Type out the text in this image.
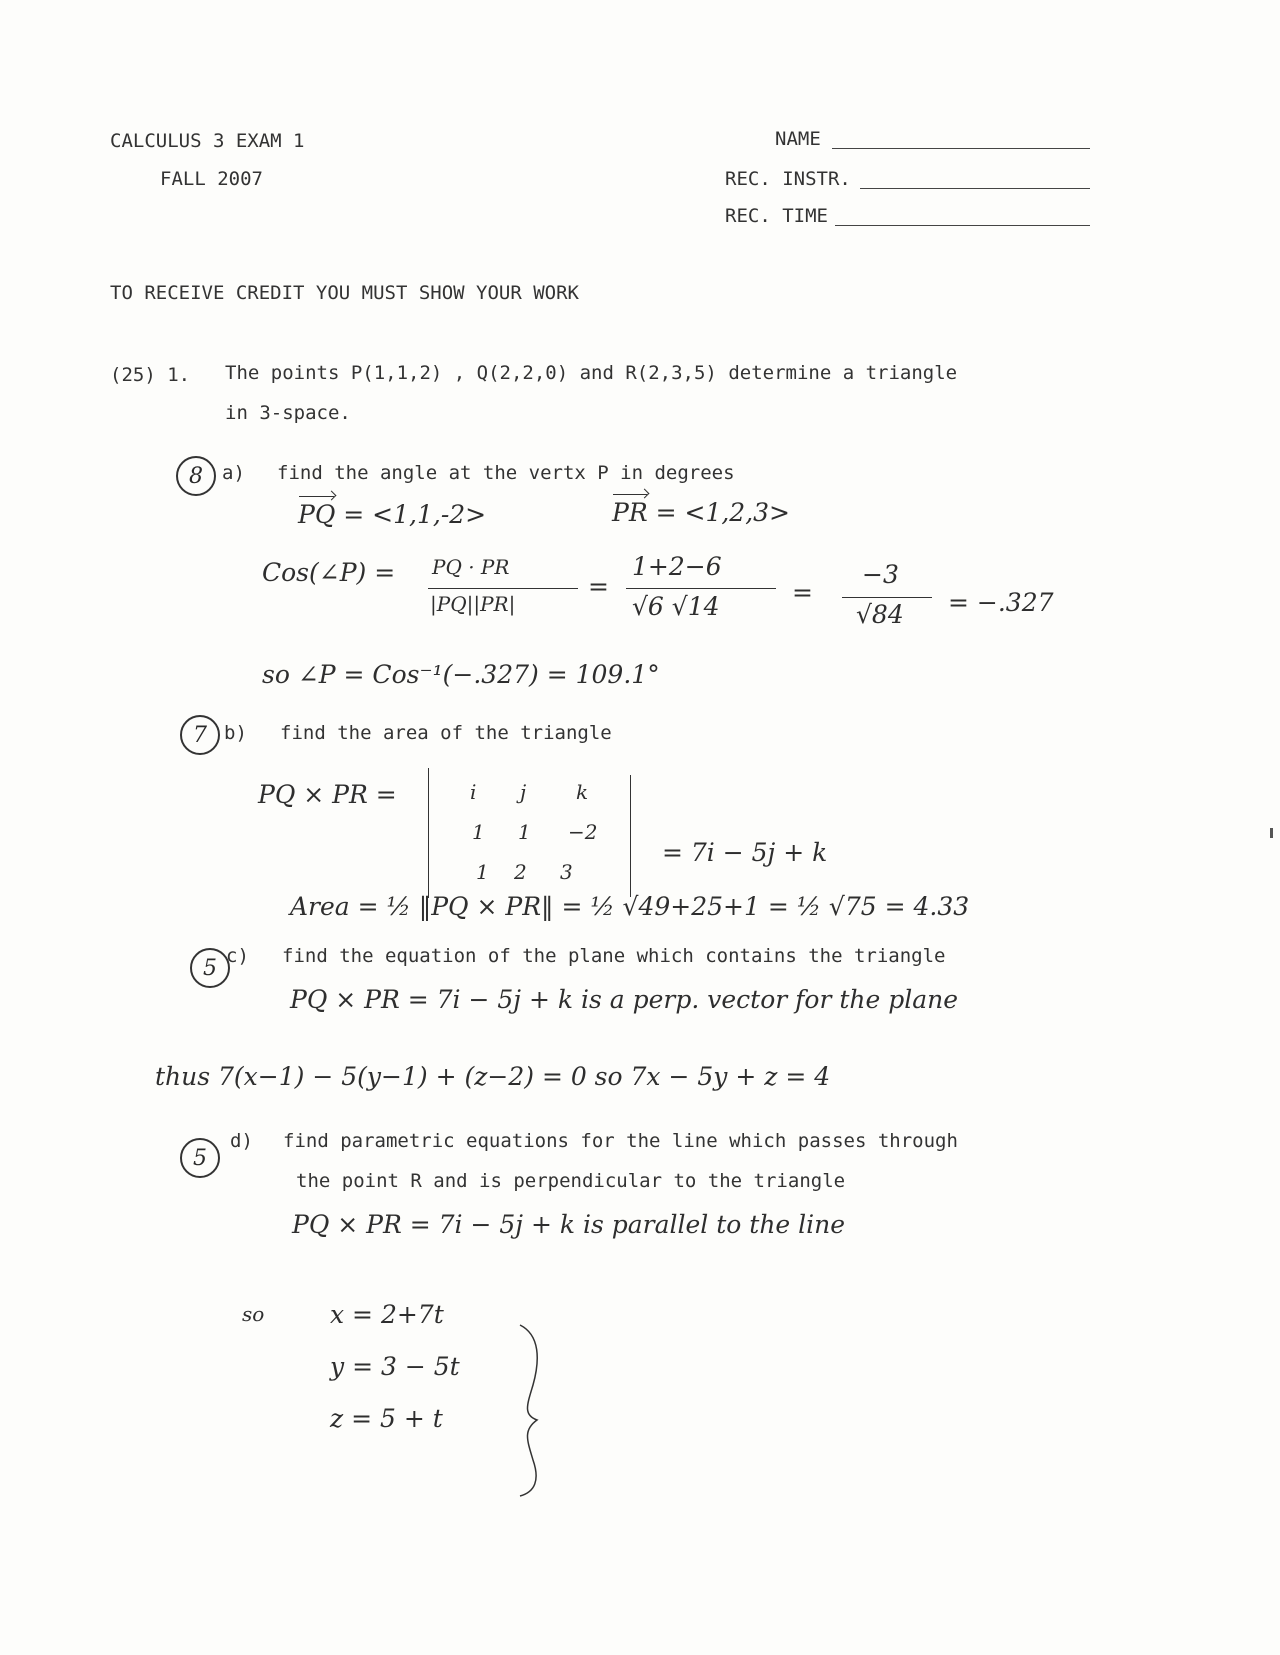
CALCULUS 3 EXAM 1
FALL 2007
NAME
REC. INSTR.
REC. TIME
TO RECEIVE CREDIT YOU MUST SHOW YOUR WORK
(25) 1. The points P(1,1,2) , Q(2,2,0) and R(2,3,5) determine a triangle
in 3-space.
8	a) find the angle at the vertx P in degrees
PQ = <1,1,-2>	PR = <1,2,3>
Cos(∠P) = PQ · PR
|PQ||PR|
=
1+2−6
√6 √14	=
−3
√84 = −.327
so ∠P = Cos⁻¹(−.327) = 109.1°
7 b) find the area of the triangle
PQ × PR =	i j k
1 1 −2
1 2 3
= 7i − 5j + k
Area = ½ ‖PQ × PR‖ = ½ √49+25+1 = ½ √75 = 4.33
5 c) find the equation of the plane which contains the triangle
PQ × PR = 7i − 5j + k is a perp. vector for the plane
thus 7(x−1) − 5(y−1) + (z−2) = 0 so 7x − 5y + z = 4
5
d) find parametric equations for the line which passes through
the point R and is perpendicular to the triangle
PQ × PR = 7i − 5j + k is parallel to the line
so	x = 2+7t
y = 3 − 5t
z = 5 + t
